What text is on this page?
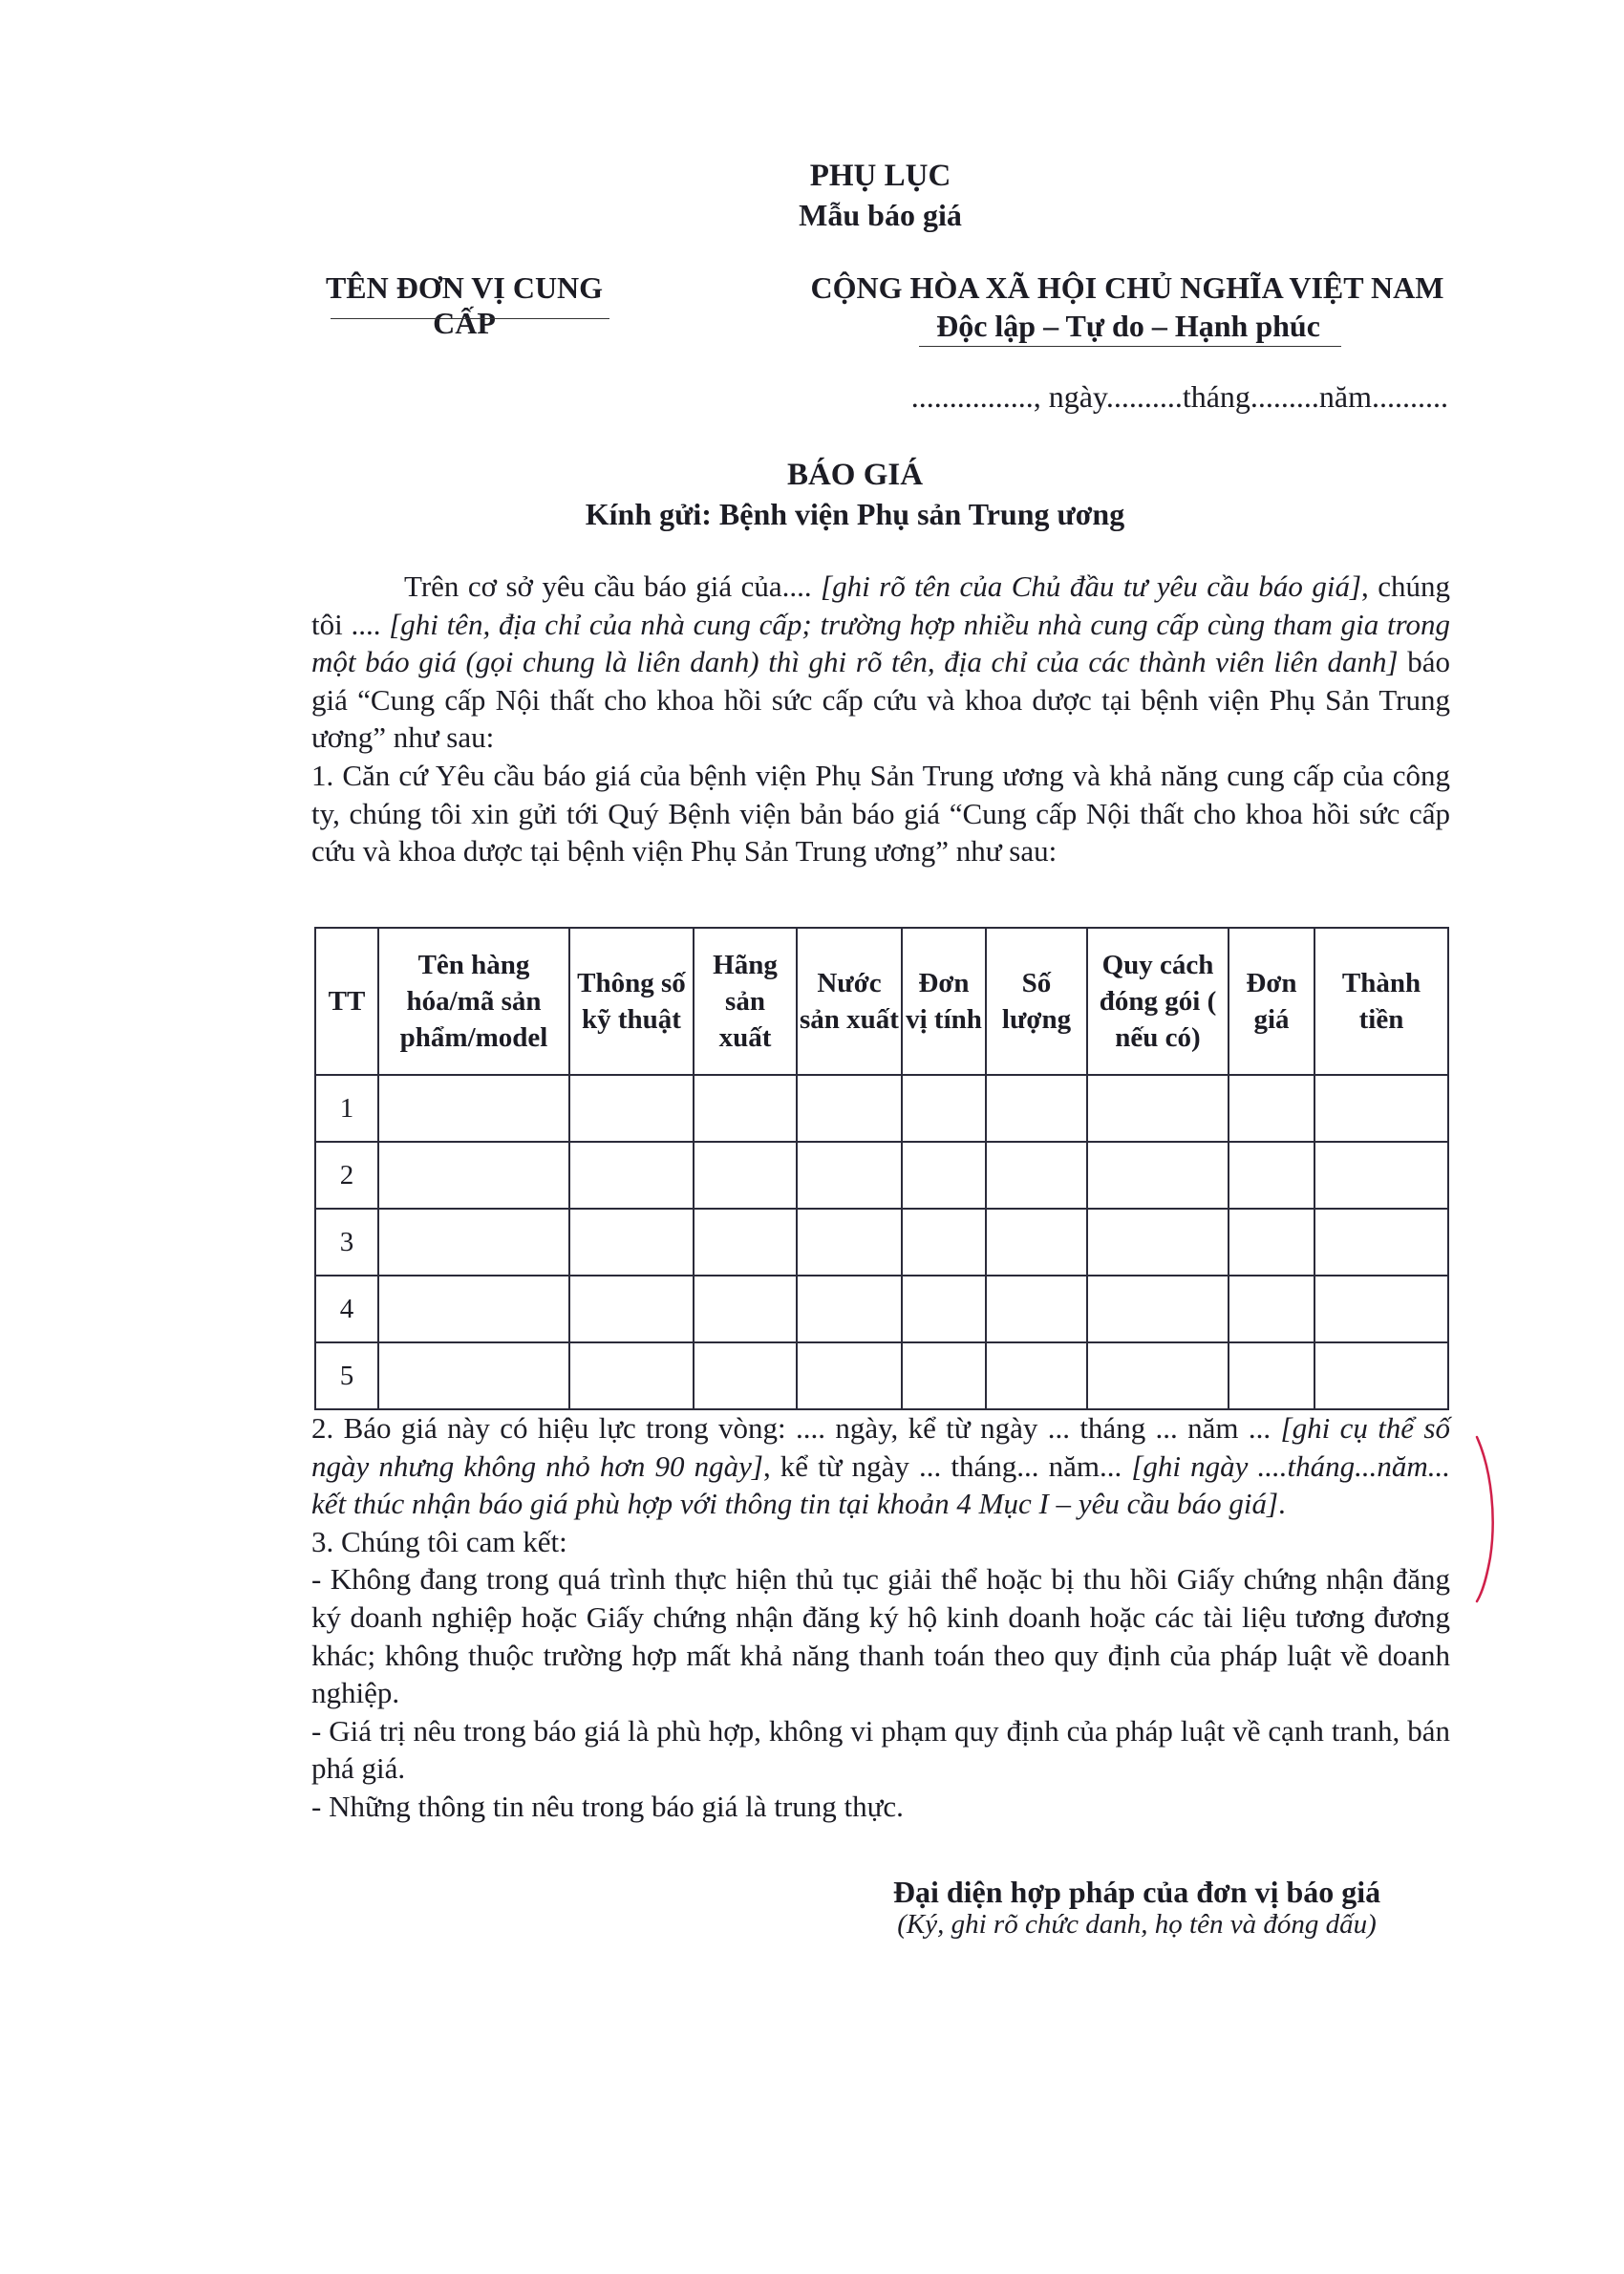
PHỤ LỤC
Mẫu báo giá
TÊN ĐƠN VỊ CUNG CẤP
CỘNG HÒA XÃ HỘI CHỦ NGHĨA VIỆT NAM
Độc lập – Tự do – Hạnh phúc
................, ngày..........tháng.........năm..........
BÁO GIÁ
Kính gửi: Bệnh viện Phụ sản Trung ương

Trên cơ sở yêu cầu báo giá của.... [ghi rõ tên của Chủ đầu tư yêu cầu báo giá], chúng tôi .... [ghi tên, địa chỉ của nhà cung cấp; trường hợp nhiều nhà cung cấp cùng tham gia trong một báo giá (gọi chung là liên danh) thì ghi rõ tên, địa chỉ của các thành viên liên danh] báo giá “Cung cấp Nội thất cho khoa hồi sức cấp cứu và khoa dược tại bệnh viện Phụ Sản Trung ương” như sau:

1. Căn cứ Yêu cầu báo giá của bệnh viện Phụ Sản Trung ương và khả năng cung cấp của công ty, chúng tôi xin gửi tới Quý Bệnh viện bản báo giá “Cung cấp Nội thất cho khoa hồi sức cấp cứu và khoa dược tại bệnh viện Phụ Sản Trung ương” như sau:

TT	Tên hàng hóa/mã sản phẩm/model	Thông số kỹ thuật	Hãng sản xuất	Nước sản xuất	Đơn vị tính	Số lượng	Quy cách đóng gói ( nếu có)	Đơn giá	Thành tiền
1									
2									
3									
4									
5									

2. Báo giá này có hiệu lực trong vòng: .... ngày, kể từ ngày ... tháng ... năm ... [ghi cụ thể số ngày nhưng không nhỏ hơn 90 ngày], kể từ ngày ... tháng... năm... [ghi ngày ....tháng...năm... kết thúc nhận báo giá phù hợp với thông tin tại khoản 4 Mục I – yêu cầu báo giá].

3. Chúng tôi cam kết:

- Không đang trong quá trình thực hiện thủ tục giải thể hoặc bị thu hồi Giấy chứng nhận đăng ký doanh nghiệp hoặc Giấy chứng nhận đăng ký hộ kinh doanh hoặc các tài liệu tương đương khác; không thuộc trường hợp mất khả năng thanh toán theo quy định của pháp luật về doanh nghiệp.

- Giá trị nêu trong báo giá là phù hợp, không vi phạm quy định của pháp luật về cạnh tranh, bán phá giá.

- Những thông tin nêu trong báo giá là trung thực.

Đại diện hợp pháp của đơn vị báo giá
(Ký, ghi rõ chức danh, họ tên và đóng dấu)
